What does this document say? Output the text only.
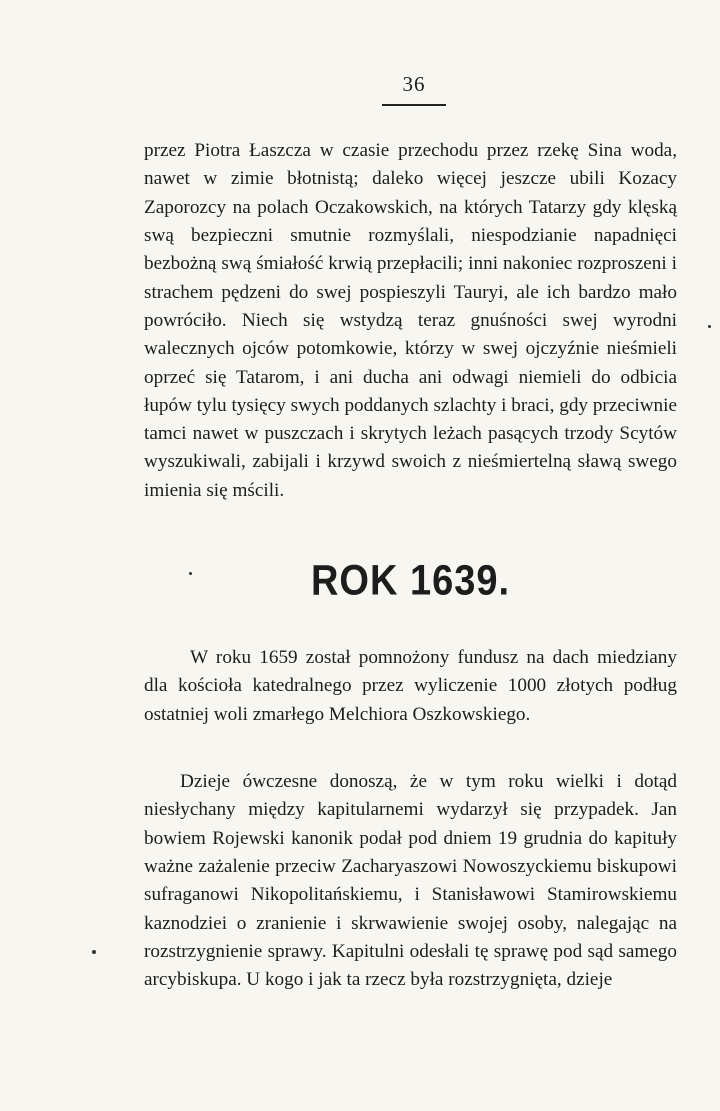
36

przez Piotra Łaszcza w czasie przechodu przez rzekę Sina woda, nawet w zimie błotnistą; daleko więcej jeszcze ubili Kozacy Zaporozcy na polach Oczakowskich, na których Tatarzy gdy klęską swą bezpieczni smutnie rozmyślali, niespodzianie napadnięci bezbożną swą śmiałość krwią przepłacili; inni nakoniec rozproszeni i strachem pędzeni do swej pospieszyli Tauryi, ale ich bardzo mało powróciło. Niech się wstydzą teraz gnuśności swej wyrodni walecznych ojców potomkowie, którzy w swej ojczyźnie nieśmieli oprzeć się Tatarom, i ani ducha ani odwagi niemieli do odbicia łupów tylu tysięcy swych poddanych szlachty i braci, gdy przeciwnie tamci nawet w puszczach i skrytych leżach pasących trzody Scytów wyszukiwali, zabijali i krzywd swoich z nieśmiertelną sławą swego imienia się mścili.

ROK 1639.

W roku 1659 został pomnożony fundusz na dach miedziany dla kościoła katedralnego przez wyliczenie 1000 złotych podług ostatniej woli zmarłego Melchiora Oszkowskiego.

Dzieje ówczesne donoszą, że w tym roku wielki i dotąd niesłychany między kapitularnemi wydarzył się przypadek. Jan bowiem Rojewski kanonik podał pod dniem 19 grudnia do kapituły ważne zażalenie przeciw Zacharyaszowi Nowoszyckiemu biskupowi sufraganowi Nikopolitańskiemu, i Stanisławowi Stamirowskiemu kaznodziei o zranienie i skrwawienie swojej osoby, nalegając na rozstrzygnienie sprawy. Kapitulni odesłali tę sprawę pod sąd samego arcybiskupa. U kogo i jak ta rzecz była rozstrzygnięta, dzieje
